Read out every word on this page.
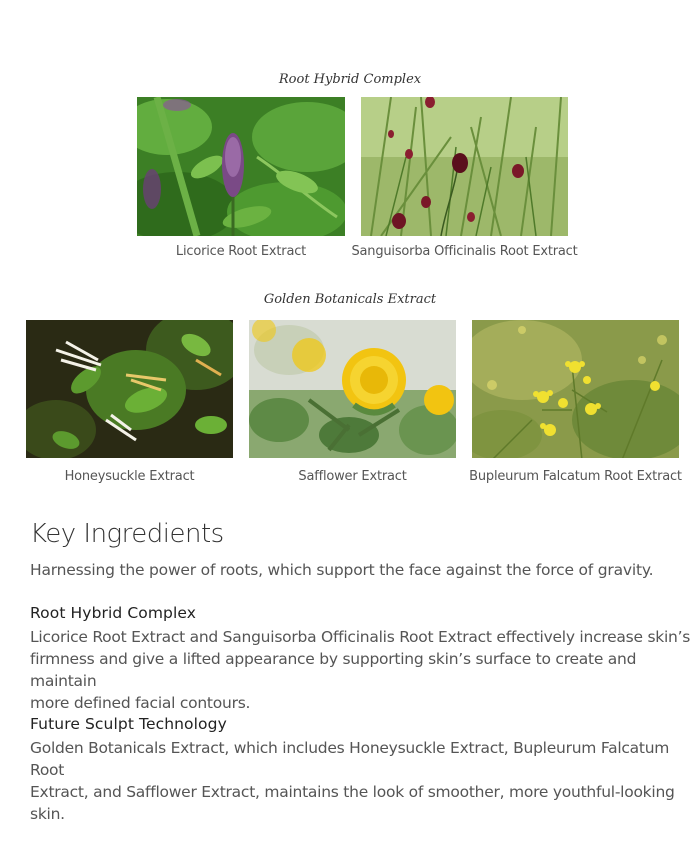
Root Hybrid Complex
Licorice Root Extract	Sanguisorba Officinalis Root Extract
Golden Botanicals Extract
Honeysuckle Extract	Safflower Extract	Bupleurum Falcatum Root Extract
Key Ingredients
Harnessing the power of roots, which support the face against the force of gravity.
Root Hybrid Complex
Licorice Root Extract and Sanguisorba Officinalis Root Extract effectively increase skin’s
firmness and give a lifted appearance by supporting skin’s surface to create and maintain
more defined facial contours.
Future Sculpt Technology
Golden Botanicals Extract, which includes Honeysuckle Extract, Bupleurum Falcatum Root
Extract, and Safflower Extract, maintains the look of smoother, more youthful-looking skin.
